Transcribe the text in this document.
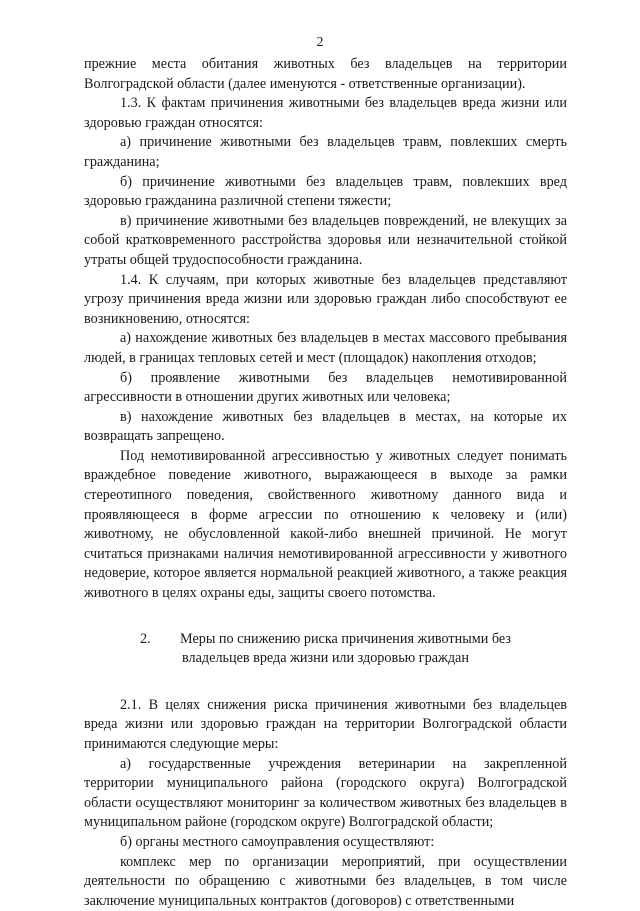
2

прежние места обитания животных без владельцев на территории Волгоградской области (далее именуются - ответственные организации).

1.3. К фактам причинения животными без владельцев вреда жизни или здоровью граждан относятся:

а) причинение животными без владельцев травм, повлекших смерть гражданина;

б) причинение животными без владельцев травм, повлекших вред здоровью гражданина различной степени тяжести;

в) причинение животными без владельцев повреждений, не влекущих за собой кратковременного расстройства здоровья или незначительной стойкой утраты общей трудоспособности гражданина.

1.4. К случаям, при которых животные без владельцев представляют угрозу причинения вреда жизни или здоровью граждан либо способствуют ее возникновению, относятся:

а) нахождение животных без владельцев в местах массового пребывания людей, в границах тепловых сетей и мест (площадок) накопления отходов;

б) проявление животными без владельцев немотивированной агрессивности в отношении других животных или человека;

в) нахождение животных без владельцев в местах, на которые их возвращать запрещено.

Под немотивированной агрессивностью у животных следует понимать враждебное поведение животного, выражающееся в выходе за рамки стереотипного поведения, свойственного животному данного вида и проявляющееся в форме агрессии по отношению к человеку и (или) животному, не обусловленной какой-либо внешней причиной. Не могут считаться признаками наличия немотивированной агрессивности у животного недоверие, которое является нормальной реакцией животного, а также реакция животного в целях охраны еды, защиты своего потомства.

2. Меры по снижению риска причинения животными без
владельцев вреда жизни или здоровью граждан

2.1. В целях снижения риска причинения животными без владельцев вреда жизни или здоровью граждан на территории Волгоградской области принимаются следующие меры:

а) государственные учреждения ветеринарии на закрепленной территории муниципального района (городского округа) Волгоградской области осуществляют мониторинг за количеством животных без владельцев в муниципальном районе (городском округе) Волгоградской области;

б) органы местного самоуправления осуществляют:

комплекс мер по организации мероприятий, при осуществлении деятельности по обращению с животными без владельцев, в том числе заключение муниципальных контрактов (договоров) с ответственными
